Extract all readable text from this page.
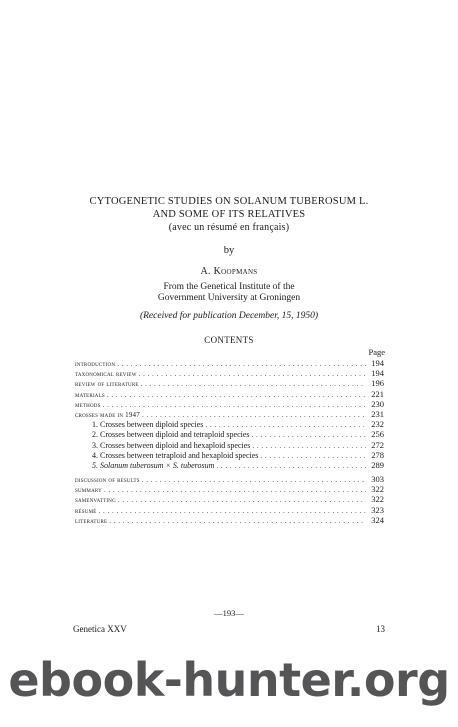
CYTOGENETIC STUDIES ON SOLANUM TUBEROSUM L.
AND SOME OF ITS RELATIVES
(avec un résumé en français)
by
A. Koopmans
From the Genetical Institute of the
Government University at Groningen
(Received for publication December, 15, 1950)
CONTENTS
Page
introduction . . .	194
taxonomical review . . .	194
review of literature . . .	196
materials . . .	221
methods . . .	230
crosses made in 1947 . . .	231
1. Crosses between diploid species . . .	232
2. Crosses between diploid and tetraploid species . . .	256
3. Crosses between diploid and hexaploid species . . .	272
4. Crosses between tetraploid and hexaploid species . . .	278
5. Solanum tuberosum × S. tuberosum . . .	289
discussion of results . . .	303
summary . . .	322
samenvatting . . .	322
résumé . . .	323
literature . . .	324
—193—
Genetica XXV	13
ebook-hunter.org
